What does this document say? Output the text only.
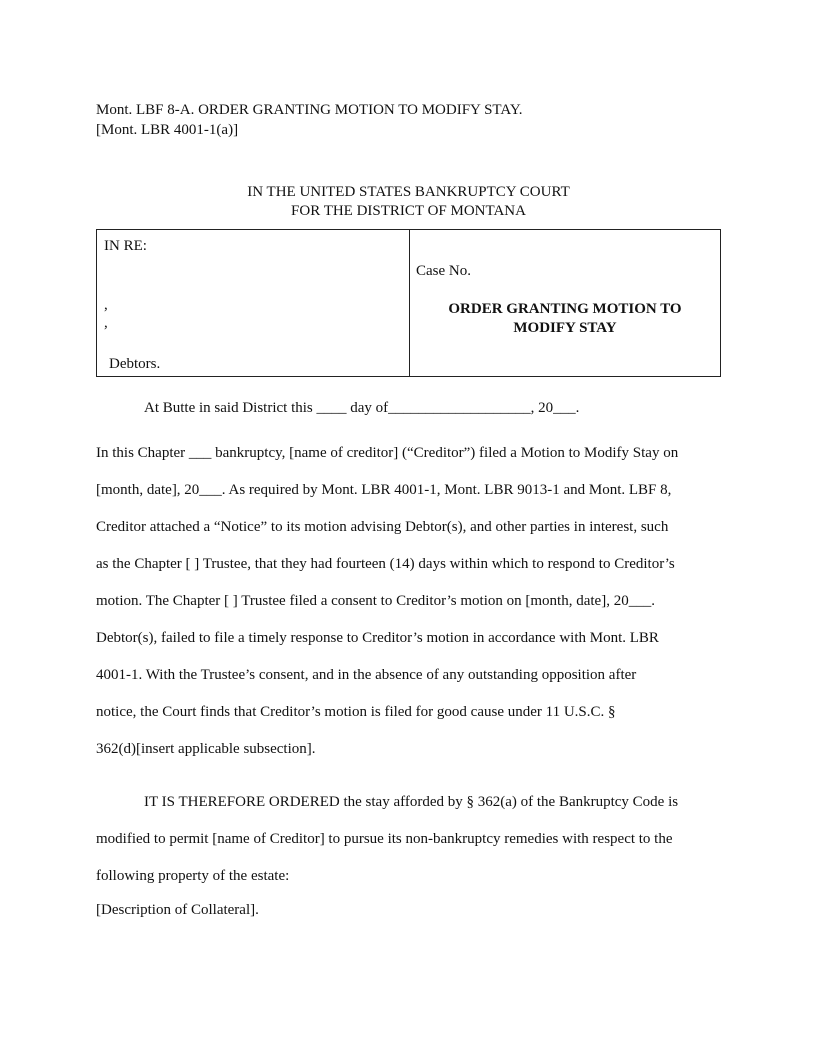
Mont. LBF 8-A. ORDER GRANTING MOTION TO MODIFY STAY.
[Mont. LBR 4001-1(a)]
IN THE UNITED STATES BANKRUPTCY COURT
FOR THE DISTRICT OF MONTANA
IN RE:
,
,
Debtors.
Case No.
ORDER GRANTING MOTION TO
MODIFY STAY
At Butte in said District this ____ day of___________________, 20___.
In this Chapter ___ bankruptcy, [name of creditor] (“Creditor”) filed a Motion to Modify Stay on
[month, date], 20___. As required by Mont. LBR 4001-1, Mont. LBR 9013-1 and Mont. LBF 8,
Creditor attached a “Notice” to its motion advising Debtor(s), and other parties in interest, such
as the Chapter [ ] Trustee, that they had fourteen (14) days within which to respond to Creditor’s
motion. The Chapter [ ] Trustee filed a consent to Creditor’s motion on [month, date], 20___.
Debtor(s), failed to file a timely response to Creditor’s motion in accordance with Mont. LBR
4001-1. With the Trustee’s consent, and in the absence of any outstanding opposition after
notice, the Court finds that Creditor’s motion is filed for good cause under 11 U.S.C. §
362(d)[insert applicable subsection].
IT IS THEREFORE ORDERED the stay afforded by § 362(a) of the Bankruptcy Code is
modified to permit [name of Creditor] to pursue its non-bankruptcy remedies with respect to the
following property of the estate:
[Description of Collateral].
